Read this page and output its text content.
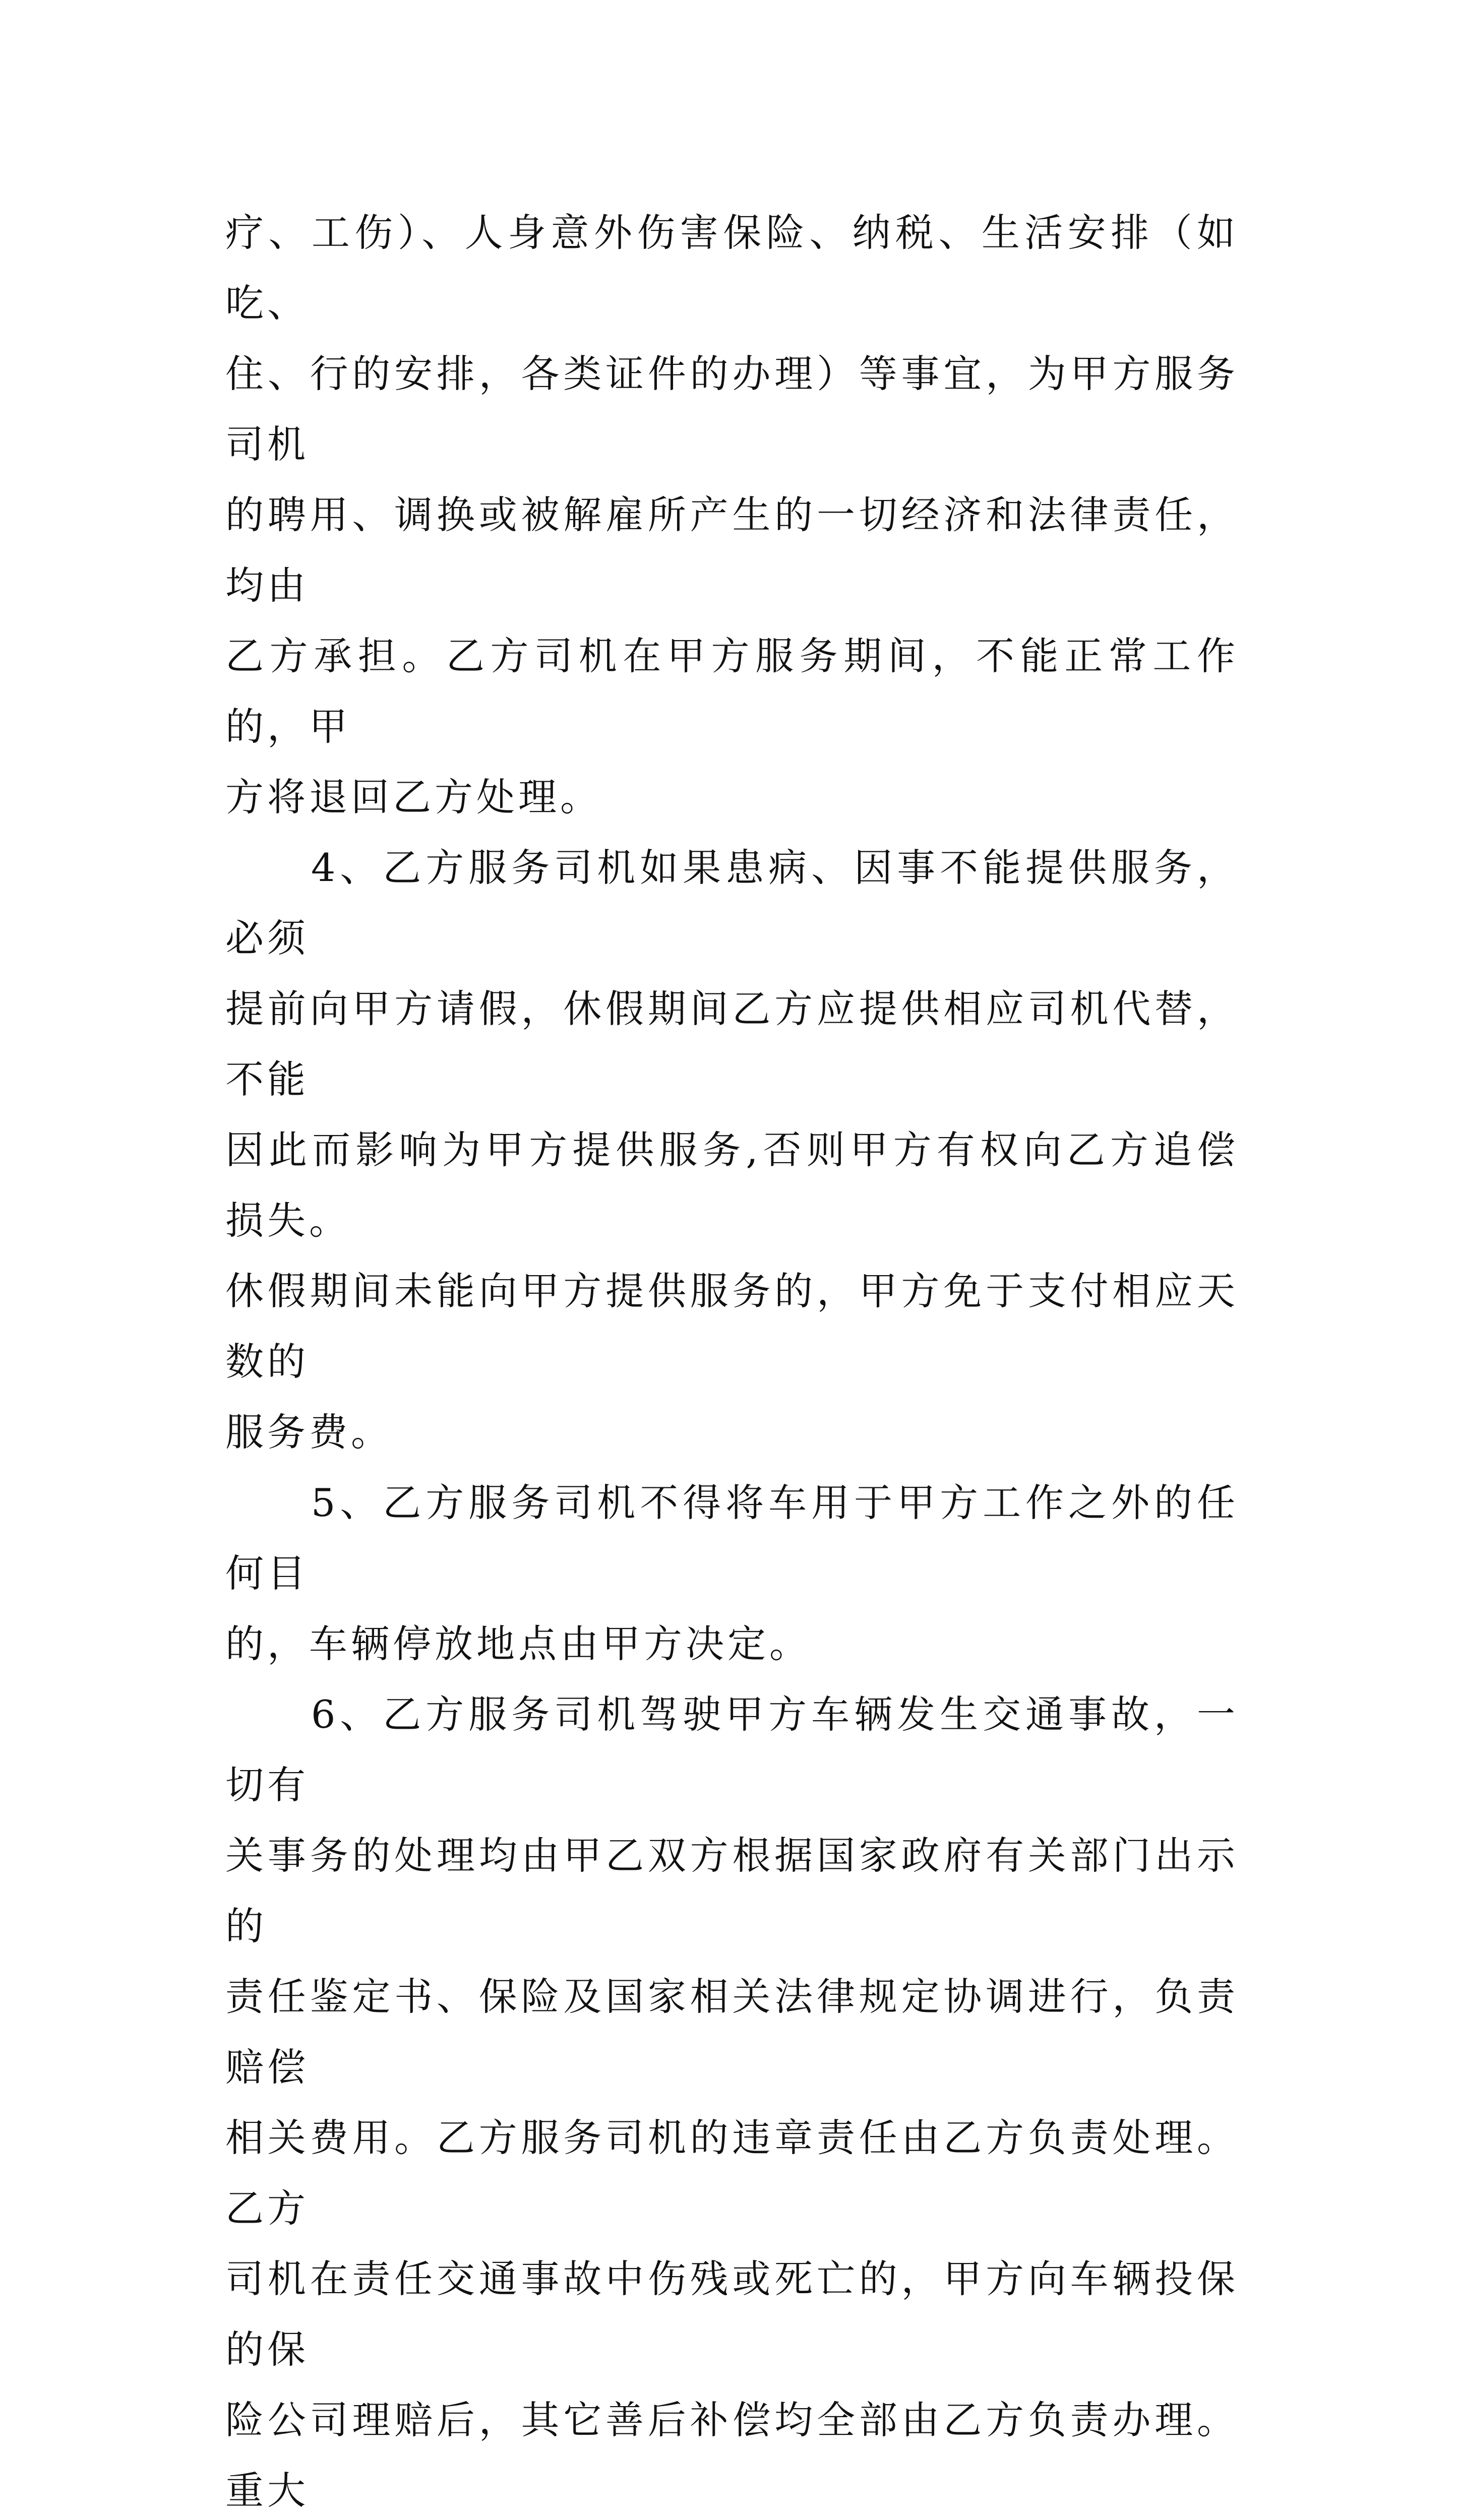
疗、工伤）、人身意外伤害保险、纳税、生活安排（如吃、
住、行的安排，各类证件的办理）等事宜，为甲方服务司机
的聘用、调换或被解雇所产生的一切经济和法律责任，均由
乙方承担。乙方司机在甲方服务期间，不能正常工作的，甲
方将退回乙方处理。

　　4、乙方服务司机如果患病、因事不能提供服务，必须
提前向甲方请假，休假期间乙方应提供相应司机代替，不能
因此而影响为甲方提供服务,否则甲方有权向乙方追偿损失。
休假期间未能向甲方提供服务的，甲方免于支付相应天数的
服务费。

　　5、乙方服务司机不得将车用于甲方工作之外的任何目
的，车辆停放地点由甲方决定。

　　6、乙方服务司机驾驶甲方车辆发生交通事故，一切有
关事务的处理均由甲乙双方根据国家政府有关部门出示的
责任鉴定书、保险及国家相关法律规定协调进行，负责赔偿
相关费用。乙方服务司机的违章责任由乙方负责处理。乙方
司机在责任交通事故中伤残或死亡的，甲方向车辆投保的保
险公司理赔后，其它善后补偿均全部由乙方负责办理。重大
